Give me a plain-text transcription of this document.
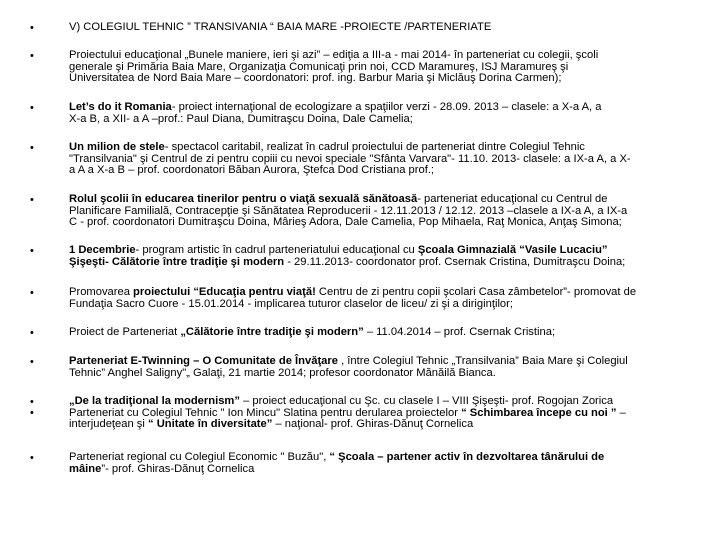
•	V) COLEGIUL TEHNIC ” TRANSIVANIA “ BAIA MARE -PROIECTE /PARTENERIATE
•	Proiectului educaţional „Bunele maniere, ieri şi azi” – ediţia a III-a - mai 2014- în parteneriat cu colegii, şcoli
generale şi Primăria Baia Mare, Organizaţia Comunicaţi prin noi, CCD Maramureş, ISJ Maramureş şi
Universitatea de Nord Baia Mare – coordonatori: prof. ing. Barbur Maria şi Miclăuş Dorina Carmen);
•	Let’s do it Romania- proiect internaţional de ecologizare a spaţiilor verzi - 28.09. 2013 – clasele: a X-a A, a
X-a B, a XII- a A –prof.: Paul Diana, Dumitraşcu Doina, Dale Camelia;
•	Un milion de stele- spectacol caritabil, realizat în cadrul proiectului de parteneriat dintre Colegiul Tehnic
"Transilvania" şi Centrul de zi pentru copiii cu nevoi speciale "Sfânta Varvara"- 11.10. 2013- clasele: a IX-a A, a X-
a A a X-a B – prof. coordonatori Băban Aurora, Ştefca Dod Cristiana prof.;
•	Rolul şcolii în educarea tinerilor pentru o viaţă sexuală sănătoasă- parteneriat educaţional cu Centrul de
Planificare Familială, Contracepţie şi Sănătatea Reproducerii - 12.11.2013 / 12.12. 2013 –clasele a IX-a A, a IX-a
C - prof. coordonatori Dumitraşcu Doina, Mârieş Adora, Dale Camelia, Pop Mihaela, Raţ Monica, Anţaş Simona;
•	1 Decembrie- program artistic în cadrul parteneriatului educaţional cu Şcoala Gimnazială “Vasile Lucaciu”
Şişeşti- Călătorie între tradiţie şi modern - 29.11.2013- coordonator prof. Csernak Cristina, Dumitraşcu Doina;
•	Promovarea proiectului “Educaţia pentru viaţă! Centru de zi pentru copii şcolari Casa zâmbetelor”- promovat de
Fundaţia Sacro Cuore - 15.01.2014 - implicarea tuturor claselor de liceu/ zi şi a diriginţilor;
•	Proiect de Parteneriat „Călătorie între tradiţie şi modern” – 11.04.2014 – prof. Csernak Cristina;
•	Parteneriat E-Twinning – O Comunitate de Învăţare , între Colegiul Tehnic „Transilvania” Baia Mare şi Colegiul
Tehnic” Anghel Saligny"„ Galaţi, 21 martie 2014; profesor coordonator Mănăilă Bianca.
•
•
„De la tradiţional la modernism” – proiect educaţional cu Şc. cu clasele I – VIII Şişeşti- prof. Rogojan Zorica
Parteneriat cu Colegiul Tehnic " Ion Mincu" Slatina pentru derularea proiectelor “ Schimbarea începe cu noi ” –
interjudeţean şi “ Unitate în diversitate” – naţional- prof. Ghiras-Dănuţ Cornelica
•	Parteneriat regional cu Colegiul Economic " Buzău", “ Şcoala – partener activ în dezvoltarea tânărului de
mâine”- prof. Ghiras-Dănuţ Cornelica
